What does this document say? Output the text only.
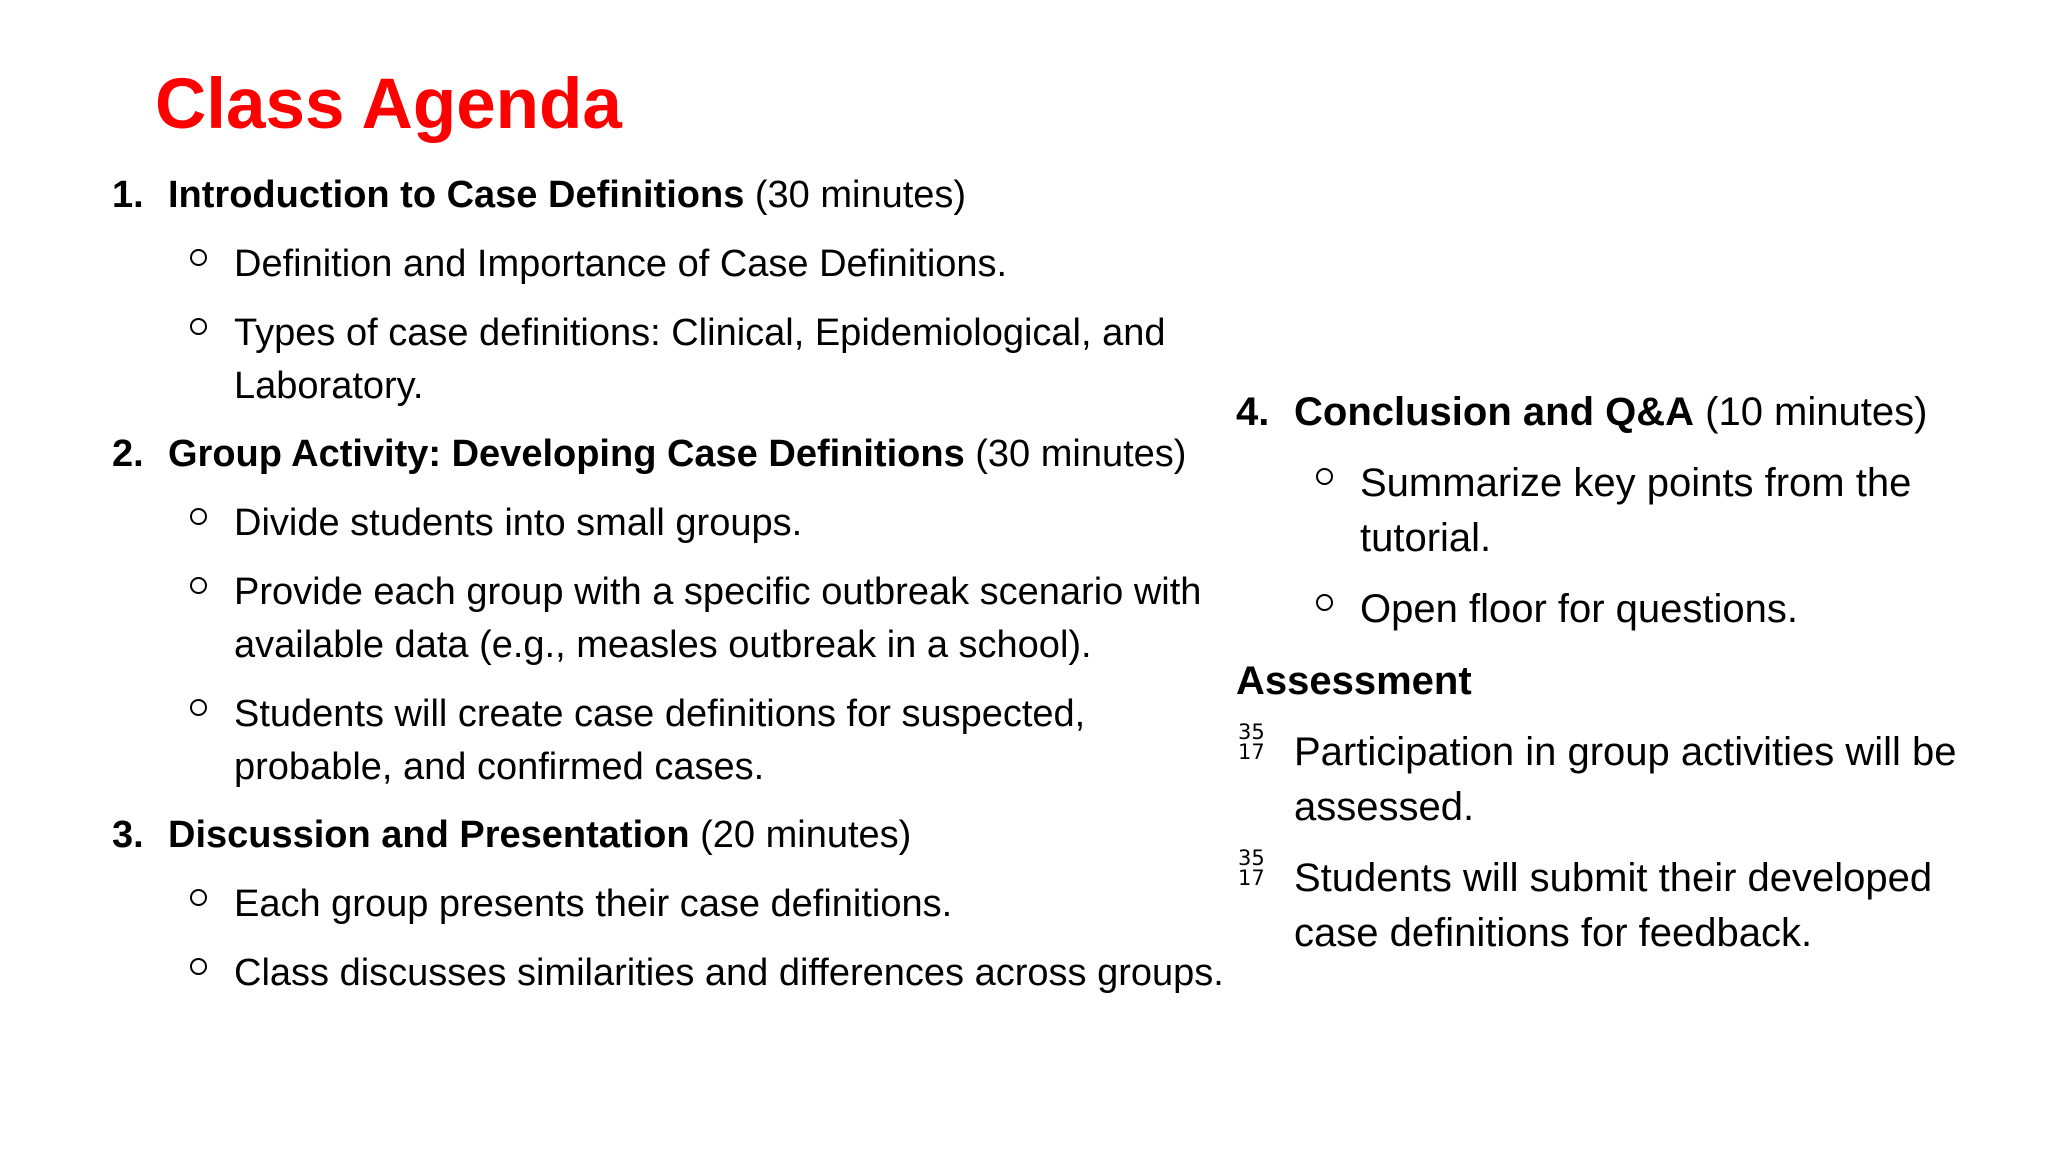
Class Agenda
1. Introduction to Case Definitions (30 minutes)
Definition and Importance of Case Definitions.
Types of case definitions: Clinical, Epidemiological, and Laboratory.
2. Group Activity: Developing Case Definitions (30 minutes)
Divide students into small groups.
Provide each group with a specific outbreak scenario with available data (e.g., measles outbreak in a school).
Students will create case definitions for suspected, probable, and confirmed cases.
3. Discussion and Presentation (20 minutes)
Each group presents their case definitions.
Class discusses similarities and differences across groups.
4. Conclusion and Q&A (10 minutes)
Summarize key points from the tutorial.
Open floor for questions.
Assessment
35
17 Participation in group activities will be assessed.
35
17 Students will submit their developed case definitions for feedback.
